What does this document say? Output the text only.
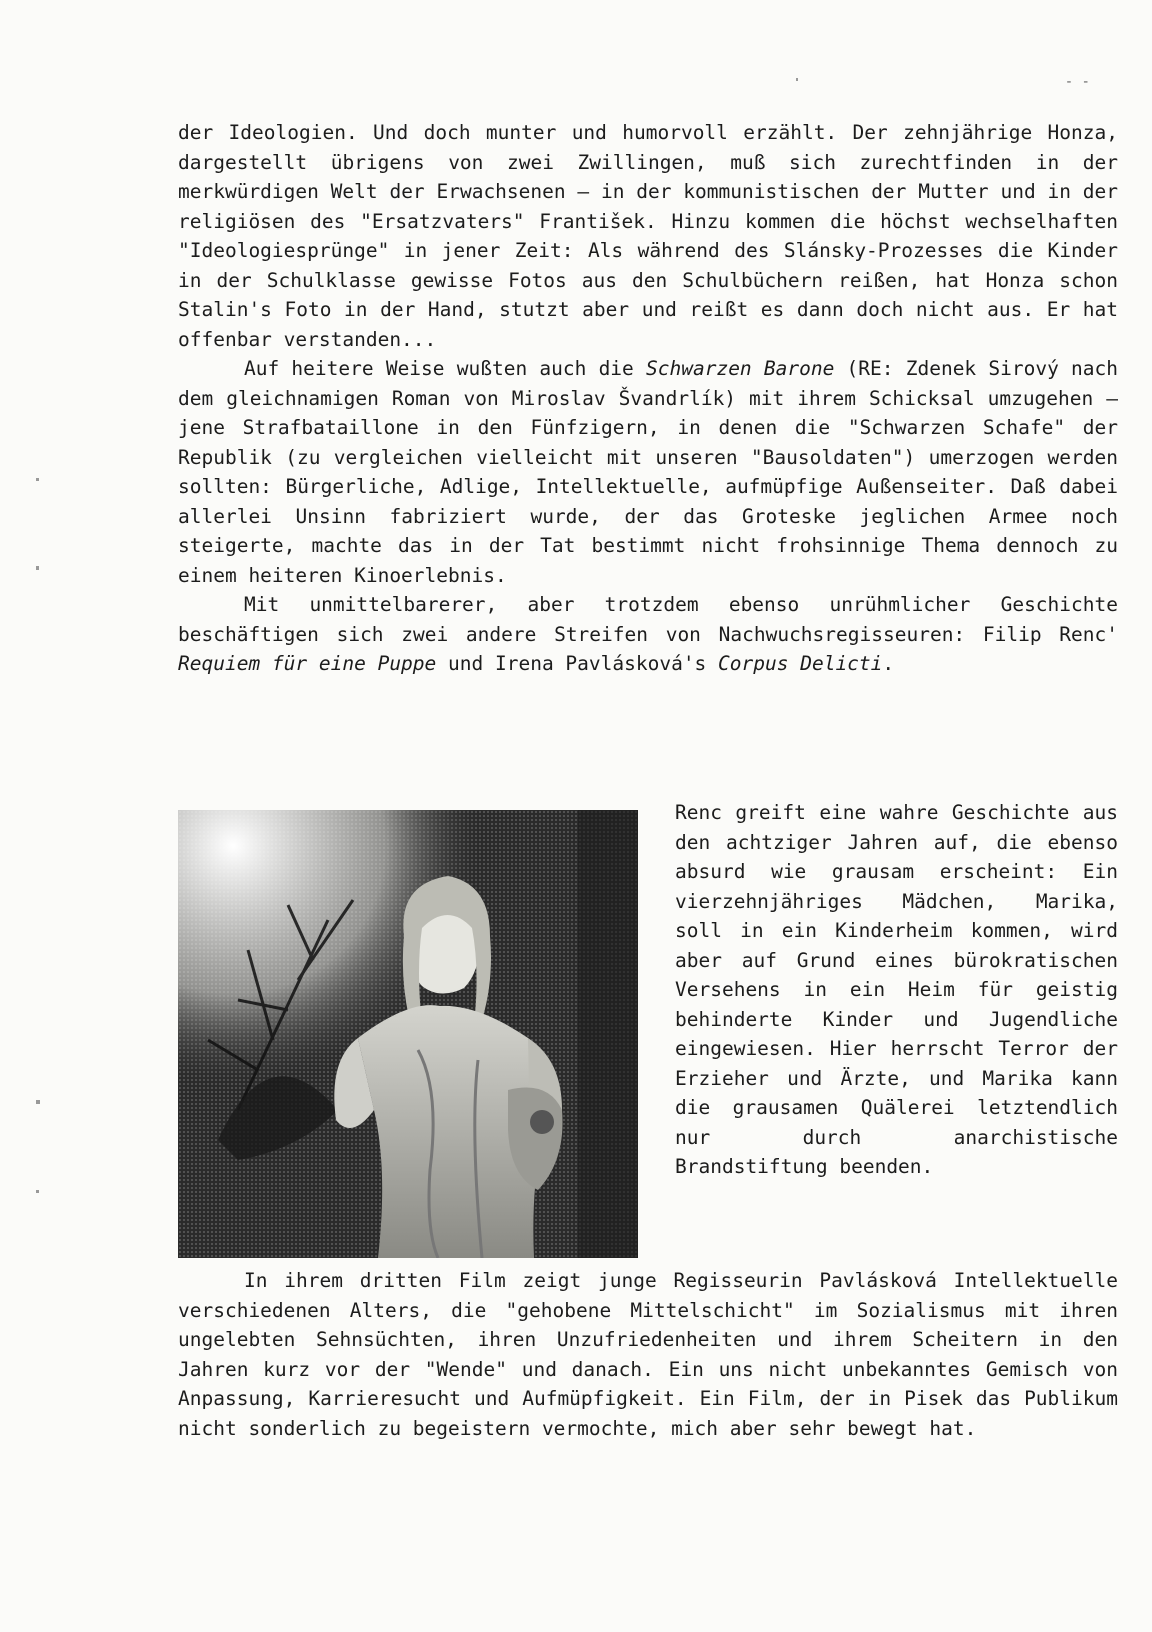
- -

der Ideologien. Und doch munter und humorvoll erzählt. Der zehnjährige Honza, dargestellt übrigens von zwei Zwillingen, muß sich zurechtfinden in der merkwürdigen Welt der Erwachsenen – in der kommunistischen der Mutter und in der religiösen des "Ersatzvaters" František. Hinzu kommen die höchst wechselhaften "Ideologiesprünge" in jener Zeit: Als während des Slánsky-Prozesses die Kinder in der Schulklasse gewisse Fotos aus den Schulbüchern reißen, hat Honza schon Stalin's Foto in der Hand, stutzt aber und reißt es dann doch nicht aus. Er hat offenbar verstanden...

Auf heitere Weise wußten auch die Schwarzen Barone (RE: Zdenek Sirový nach dem gleichnamigen Roman von Miroslav Švandrlík) mit ihrem Schicksal umzugehen – jene Strafbataillone in den Fünfzigern, in denen die "Schwarzen Schafe" der Republik (zu vergleichen vielleicht mit unseren "Bausoldaten") umerzogen werden sollten: Bürgerliche, Adlige, Intellektuelle, aufmüpfige Außenseiter. Daß dabei allerlei Unsinn fabriziert wurde, der das Groteske jeglichen Armee noch steigerte, machte das in der Tat bestimmt nicht frohsinnige Thema dennoch zu einem heiteren Kinoerlebnis.

Mit unmittelbarerer, aber trotzdem ebenso unrühmlicher Geschichte beschäftigen sich zwei andere Streifen von Nachwuchsregisseuren: Filip Renc' Requiem für eine Puppe und Irena Pavlásková's Corpus Delicti.

Renc greift eine wahre Geschichte aus den achtziger Jahren auf, die ebenso absurd wie grausam erscheint: Ein vierzehnjähriges Mädchen, Marika, soll in ein Kinderheim kommen, wird aber auf Grund eines bürokratischen Versehens in ein Heim für geistig behinderte Kinder und Jugendliche eingewiesen. Hier herrscht Terror der Erzieher und Ärzte, und Marika kann die grausamen Quälerei letztendlich nur durch anarchistische Brandstiftung beenden.

In ihrem dritten Film zeigt junge Regisseurin Pavlásková Intellektuelle verschiedenen Alters, die "gehobene Mittelschicht" im Sozialismus mit ihren ungelebten Sehnsüchten, ihren Unzufriedenheiten und ihrem Scheitern in den Jahren kurz vor der "Wende" und danach. Ein uns nicht unbekanntes Gemisch von Anpassung, Karrieresucht und Aufmüpfigkeit. Ein Film, der in Pisek das Publikum nicht sonderlich zu begeistern vermochte, mich aber sehr bewegt hat.
